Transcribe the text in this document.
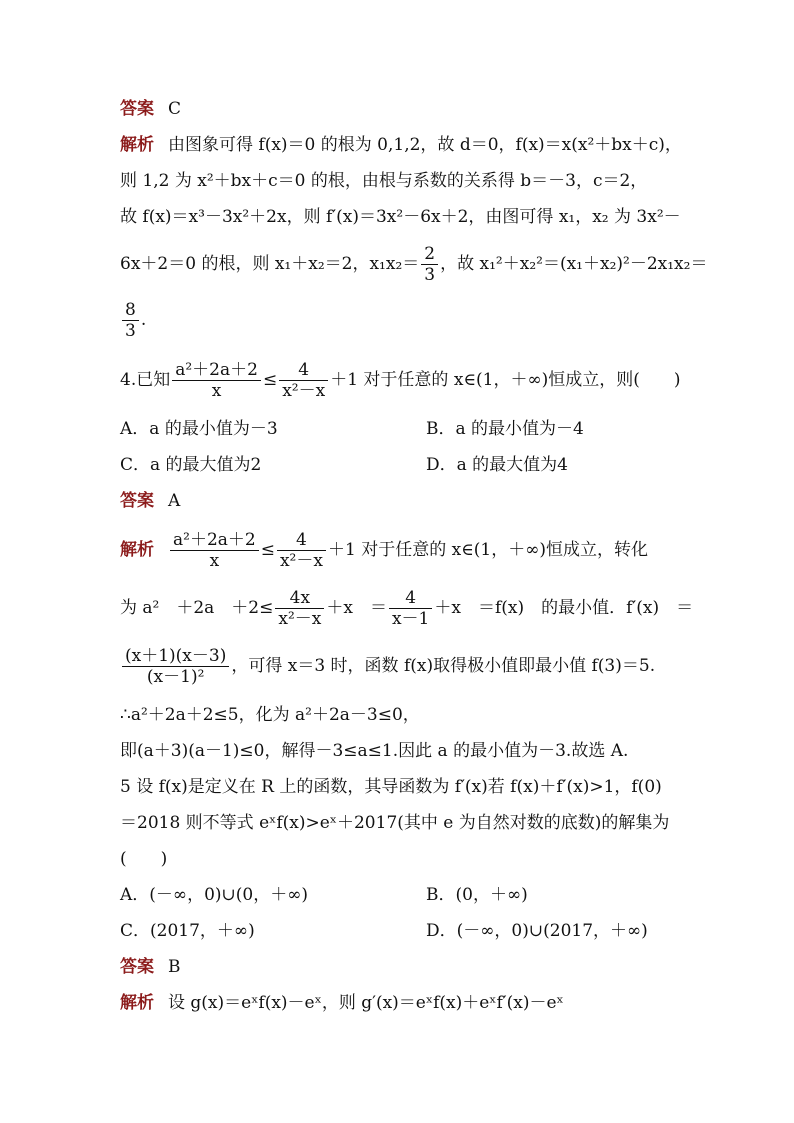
答案 C
解析 由图象可得 f(x)＝0 的根为 0,1,2，故 d＝0，f(x)＝x(x²＋bx＋c)，
则 1,2 为 x²＋bx＋c＝0 的根，由根与系数的关系得 b＝－3，c＝2，
故 f(x)＝x³－3x²＋2x，则 f′(x)＝3x²－6x＋2，由图可得 x₁，x₂ 为 3x²－
6x＋2＝0 的根，则 x₁＋x₂＝2，$x_1x_2= \frac{2}{3}$ ，故 x₁²＋x₂²＝(x₁＋x₂)²－2x₁x₂＝
$\frac{8}{3}$ .
4.已知 $\frac{\text{a²＋2a＋2}}{x} \le \frac{4}{\text{x²－x}} +1$ 对于任意的 x∈(1，＋∞)恒成立，则(　　)
A．a 的最小值为－3	B．a 的最小值为－4
C．a 的最大值为2	D．a 的最大值为4
答案 A
解析 $\frac{\text{a²＋2a＋2}}{x} \le \frac{4}{\text{x²－x}} +1$ 对于任意的 x∈(1，＋∞)恒成立，转化
为 a²　＋2a　$+2\le \frac{4x}{\text{x²－x}} +x$　＝ $\frac{4}{x-1} +x$　＝f(x)　的最小值．f′(x)　＝
$\frac{(x+1)(x-3)}{\text{(x－1)²}}$ ，可得 x＝3 时，函数 f(x)取得极小值即最小值 f(3)＝5.
∴a²＋2a＋2≤5，化为 a²＋2a－3≤0，
即(a＋3)(a－1)≤0，解得－3≤a≤1.因此 a 的最小值为－3.故选 A.
5 设 f(x)是定义在 R 上的函数，其导函数为 f′(x)若 f(x)＋f′(x)>1，f(0)
＝2018 则不等式 eˣf(x)>eˣ＋2017(其中 e 为自然对数的底数)的解集为
(　　)
A．(－∞，0)∪(0，＋∞)	B．(0，＋∞)
C．(2017，＋∞)	D．(－∞，0)∪(2017，＋∞)
答案 B
解析 设 g(x)＝eˣf(x)－eˣ，则 g′(x)＝eˣf(x)＋eˣf′(x)－eˣ
